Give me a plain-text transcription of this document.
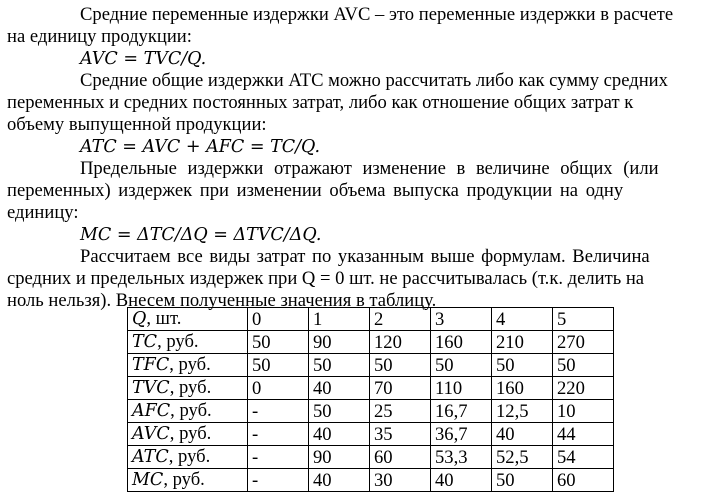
Средние переменные издержки AVC – это переменные издержки в расчете
на единицу продукции:
AVC = TVC/Q.
Средние общие издержки ATC можно рассчитать либо как сумму средних
переменных и средних постоянных затрат, либо как отношение общих затрат к
объему выпущенной продукции:
ATC = AVC + AFC = TC/Q.
Предельные издержки отражают изменение в величине общих (или
переменных) издержек при изменении объема выпуска продукции на одну
единицу:
MC = ΔTC/ΔQ = ΔTVC/ΔQ.
Рассчитаем все виды затрат по указанным выше формулам. Величина
средних и предельных издержек при Q = 0 шт. не рассчитывалась (т.к. делить на
ноль нельзя). Внесем полученные значения в таблицу.
Q, шт.	0	1	2	3	4	5
TC, руб.	50	90	120	160	210	270
TFC, руб.	50	50	50	50	50	50
TVC, руб.	0	40	70	110	160	220
AFC, руб.	-	50	25	16,7	12,5	10
AVC, руб.	-	40	35	36,7	40	44
ATC, руб.	-	90	60	53,3	52,5	54
MC, руб.	-	40	30	40	50	60
